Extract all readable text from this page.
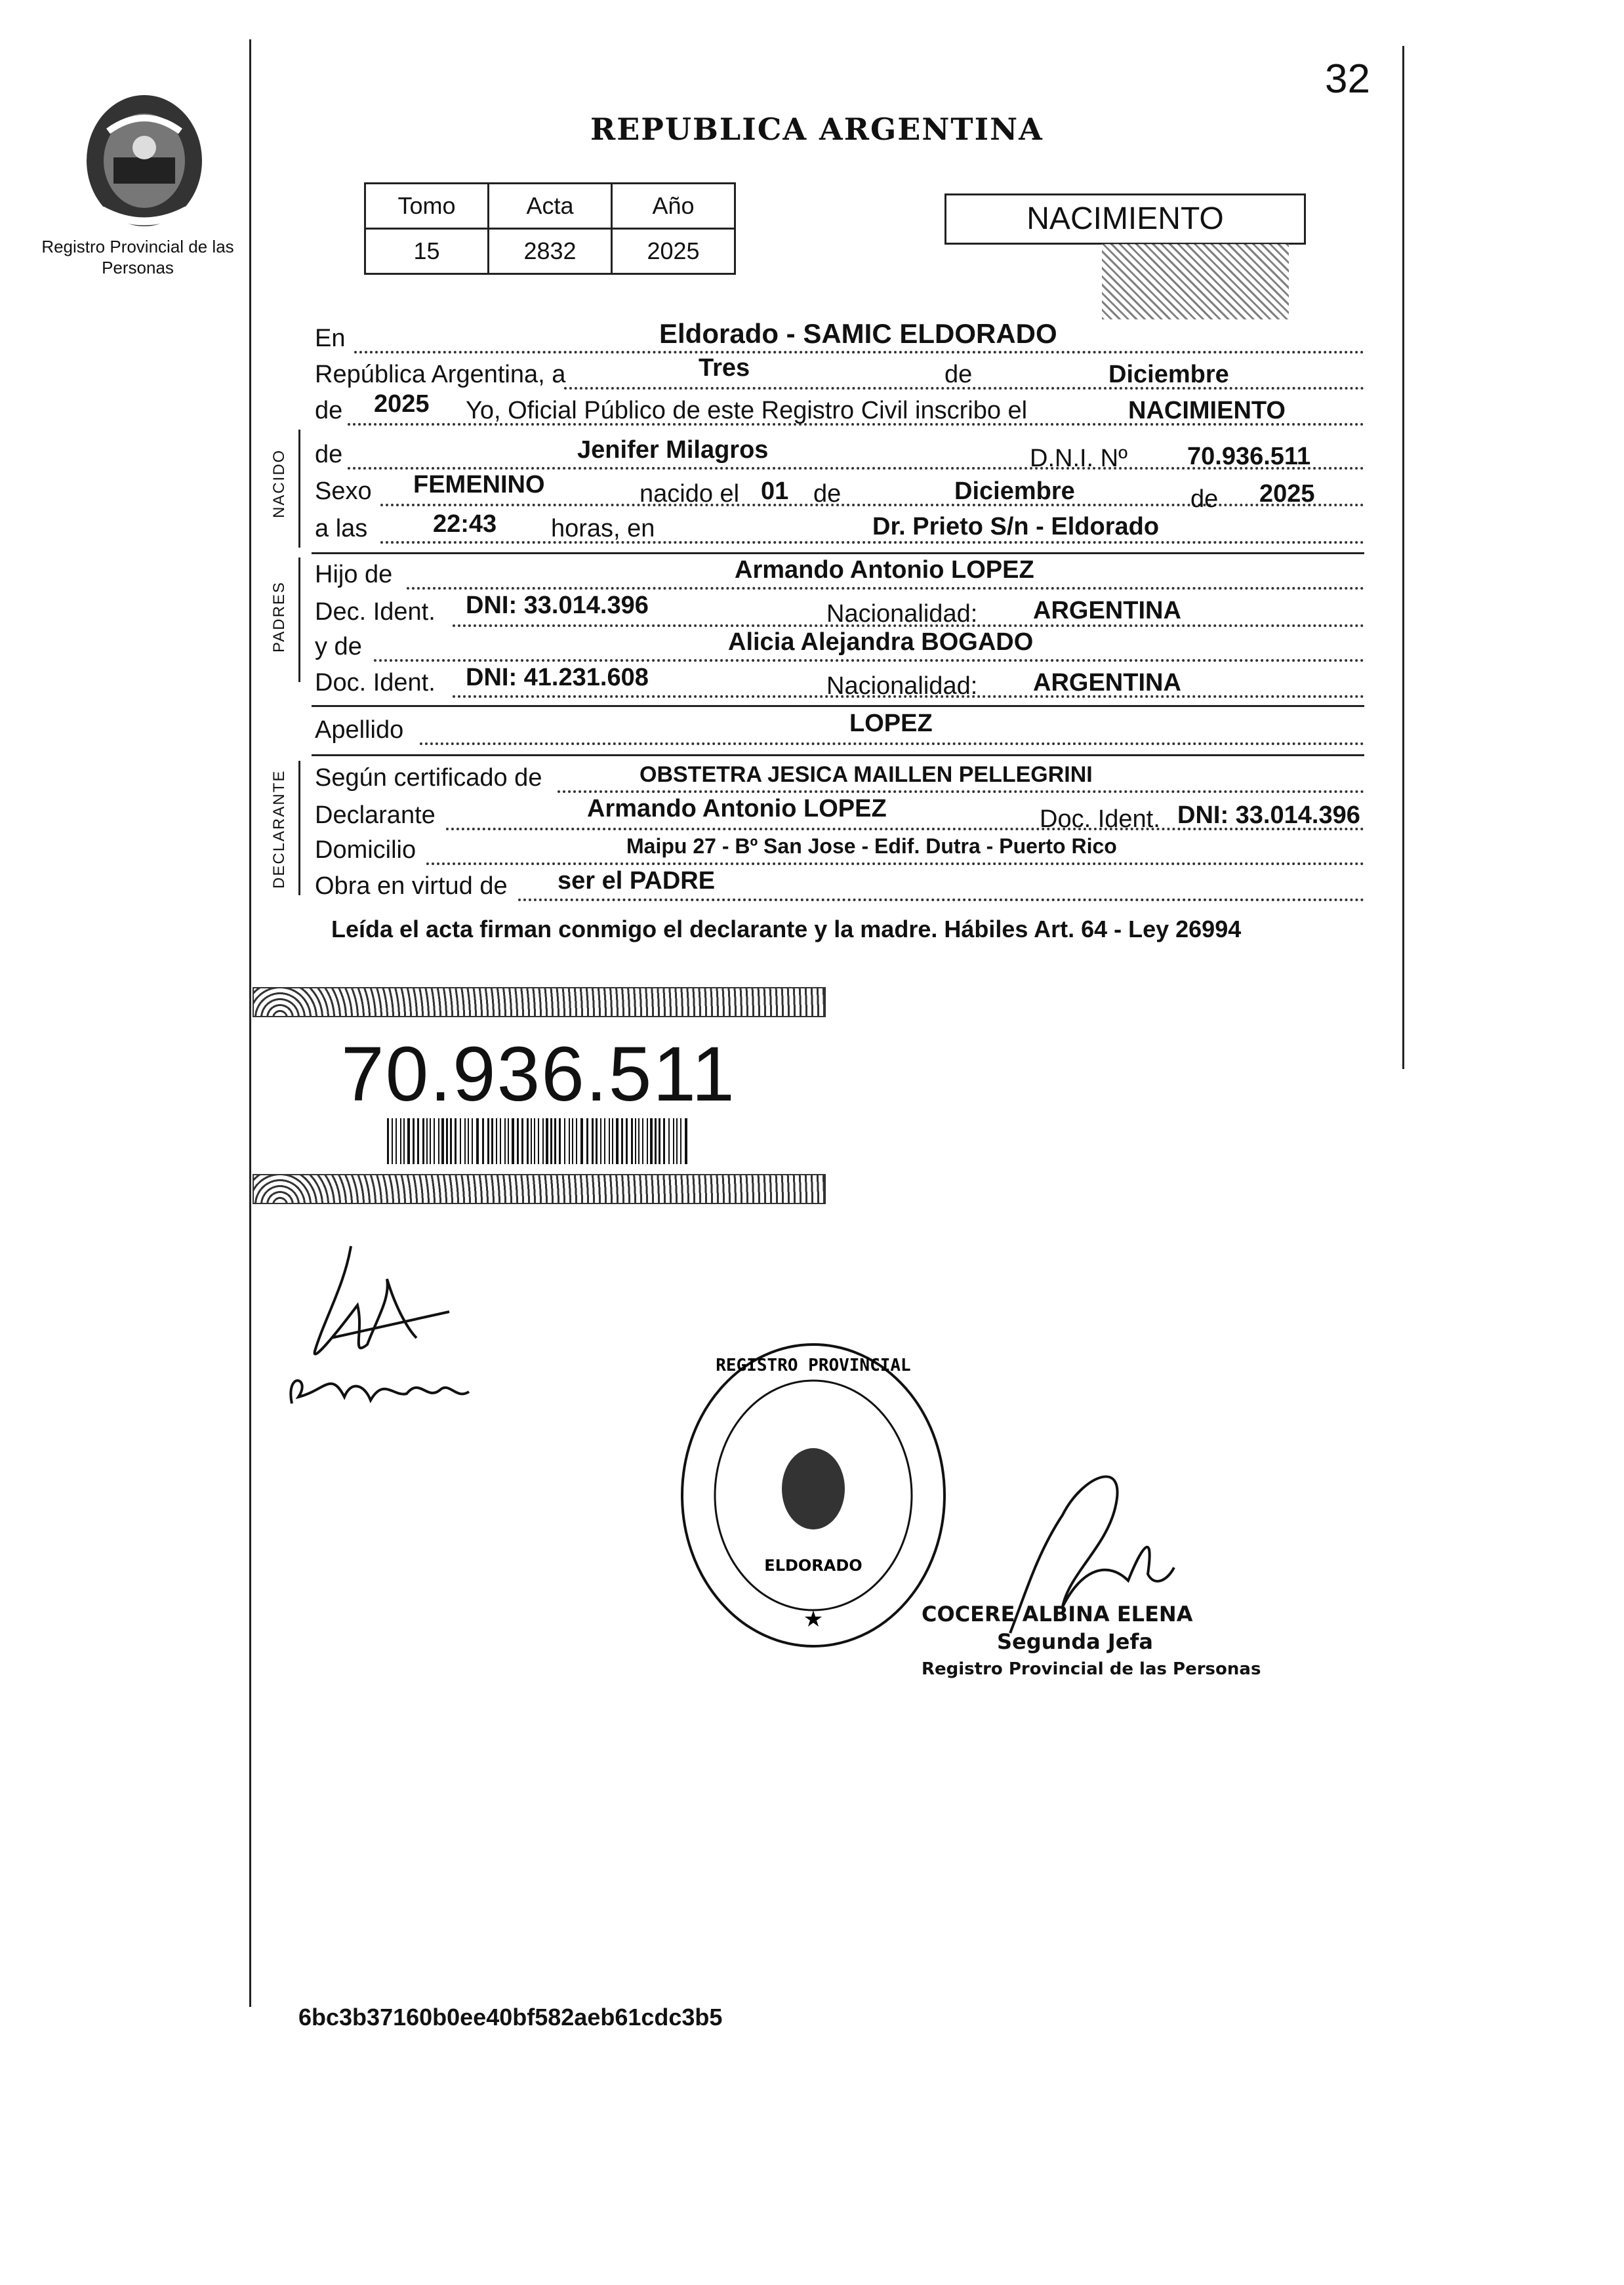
Registro Provincial de las Personas
REPUBLICA ARGENTINA
32
Tomo	Acta	Año
15	2832	2025
NACIMIENTO
En	Eldorado - SAMIC ELDORADO
República Argentina, a	Tres	de	Diciembre
de 2025 Yo, Oficial Público de este Registro Civil inscribo el	NACIMIENTO
NACIDO de	Jenifer Milagros	D.N.I. Nº 70.936.511
Sexo FEMENINO	nacido el 01 de	Diciembre	de 2025
a las	22:43 horas, en	Dr. Prieto S/n - Eldorado
PADRES
Hijo de	Armando Antonio LOPEZ
Dec. Ident. DNI: 33.014.396	Nacionalidad: ARGENTINA
y de	Alicia Alejandra BOGADO
Doc. Ident. DNI: 41.231.608	Nacionalidad: ARGENTINA
Apellido	LOPEZ
DECLARANTE Según certificado de	OBSTETRA JESICA MAILLEN PELLEGRINI
Declarante	Armando Antonio LOPEZ	Doc. Ident. DNI: 33.014.396
Domicilio	Maipu 27 - Bº San Jose - Edif. Dutra - Puerto Rico
Obra en virtud de ser el PADRE
Leída el acta firman conmigo el declarante y la madre. Hábiles Art. 64 - Ley 26994
70.936.511
REGISTRO PROVINCIAL
ELDORADO
★	COCERE ALBINA ELENA
Segunda Jefa
Registro Provincial de las Personas
6bc3b37160b0ee40bf582aeb61cdc3b5
